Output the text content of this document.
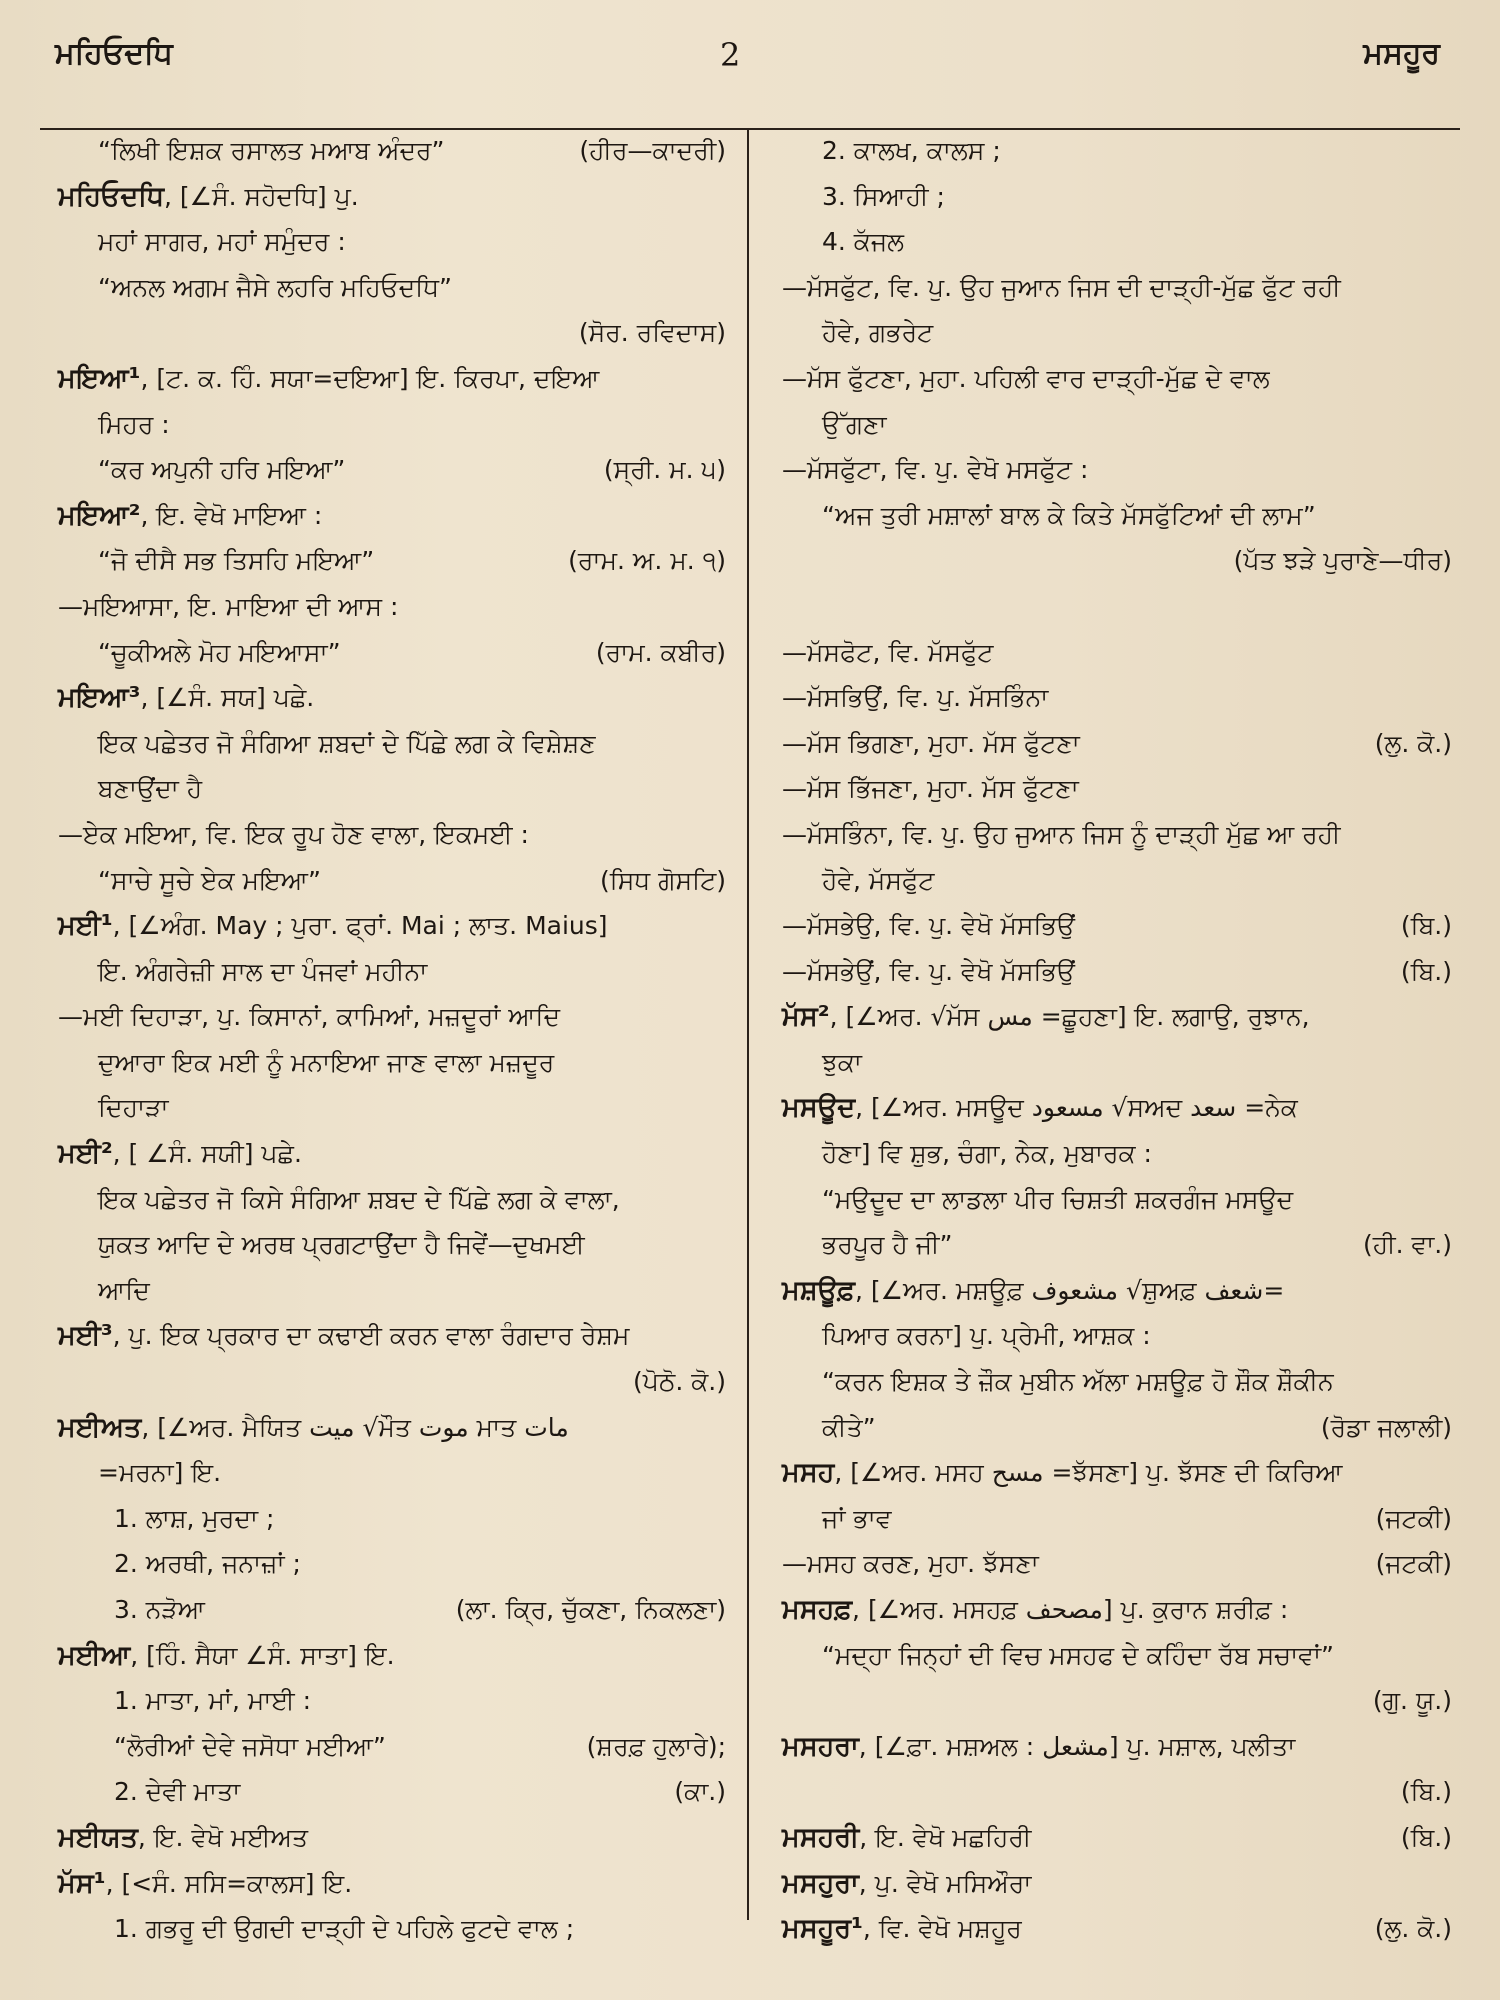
ਮਹਿਓਦਧਿ	2	ਮਸਹੂਰ
“ਲਿਖੀ ਇਸ਼ਕ ਰਸਾਲਤ ਮਆਬ ਅੰਦਰ”	(ਹੀਰ—ਕਾਦਰੀ)
ਮਹਿਓਦਧਿ, [∠ਸੰ. ਸਹੋਦਧਿ] ਪੁ.
ਮਹਾਂ ਸਾਗਰ, ਮਹਾਂ ਸਮੁੰਦਰ :
“ਅਨਲ ਅਗਮ ਜੈਸੇ ਲਹਰਿ ਮਹਿਓਦਧਿ”
(ਸੋਰ. ਰਵਿਦਾਸ)
ਮਇਆ¹, [ਟ. ਕ. ਹਿੰ. ਸਯਾ=ਦਇਆ] ਇ. ਕਿਰਪਾ, ਦਇਆ
ਮਿਹਰ :
“ਕਰ ਅਪੁਨੀ ਹਰਿ ਮਇਆ”	(ਸ੍ਰੀ. ਮ. ੫)
ਮਇਆ², ਇ. ਵੇਖੋ ਮਾਇਆ :
“ਜੋ ਦੀਸੈ ਸਭ ਤਿਸਹਿ ਮਇਆ”	(ਰਾਮ. ਅ. ਮ. ੧)
—ਮਇਆਸਾ, ਇ. ਮਾਇਆ ਦੀ ਆਸ :
“ਚੂਕੀਅਲੇ ਮੋਹ ਮਇਆਸਾ”	(ਰਾਮ. ਕਬੀਰ)
ਮਇਆ³, [∠ਸੰ. ਸਯ] ਪਛੇ.
ਇਕ ਪਛੇਤਰ ਜੋ ਸੰਗਿਆ ਸ਼ਬਦਾਂ ਦੇ ਪਿੱਛੇ ਲਗ ਕੇ ਵਿਸ਼ੇਸ਼ਣ
ਬਣਾਉਂਦਾ ਹੈ
—ਏਕ ਮਇਆ, ਵਿ. ਇਕ ਰੂਪ ਹੋਣ ਵਾਲਾ, ਇਕਮਈ :
“ਸਾਚੇ ਸੂਚੇ ਏਕ ਮਇਆ”	(ਸਿਧ ਗੋਸਟਿ)
ਮਈ¹, [∠ਅੰਗ. May ; ਪੁਰਾ. ਫ੍ਰਾਂ. Mai ; ਲਾਤ. Maius]
ਇ. ਅੰਗਰੇਜ਼ੀ ਸਾਲ ਦਾ ਪੰਜਵਾਂ ਮਹੀਨਾ
—ਮਈ ਦਿਹਾੜਾ, ਪੁ. ਕਿਸਾਨਾਂ, ਕਾਮਿਆਂ, ਮਜ਼ਦੂਰਾਂ ਆਦਿ
ਦੁਆਰਾ ਇਕ ਮਈ ਨੂੰ ਮਨਾਇਆ ਜਾਣ ਵਾਲਾ ਮਜ਼ਦੂਰ
ਦਿਹਾੜਾ
ਮਈ², [ ∠ਸੰ. ਸਯੀ] ਪਛੇ.
ਇਕ ਪਛੇਤਰ ਜੋ ਕਿਸੇ ਸੰਗਿਆ ਸ਼ਬਦ ਦੇ ਪਿੱਛੇ ਲਗ ਕੇ ਵਾਲਾ,
ਯੁਕਤ ਆਦਿ ਦੇ ਅਰਥ ਪ੍ਰਗਟਾਉਂਦਾ ਹੈ ਜਿਵੇਂ—ਦੁਖਮਈ
ਆਦਿ
ਮਈ³, ਪੁ. ਇਕ ਪ੍ਰਕਾਰ ਦਾ ਕਢਾਈ ਕਰਨ ਵਾਲਾ ਰੰਗਦਾਰ ਰੇਸ਼ਮ
(ਪੋਠੋ. ਕੋ.)
ਮਈਅਤ, [∠ਅਰ. ਮੈਯਿਤ ميت √ਮੌਤ موت ਮਾਤ مات
=ਮਰਨਾ] ਇ.
1. ਲਾਸ਼, ਮੁਰਦਾ ;
2. ਅਰਥੀ, ਜਨਾਜ਼ਾਂ ;
3. ਨੜੋਆ	(ਲਾ. ਕ੍ਰਿ, ਚੁੱਕਣਾ, ਨਿਕਲਣਾ)
ਮਈਆ, [ਹਿੰ. ਸੈਯਾ ∠ਸੰ. ਸਾਤਾ] ਇ.
1. ਮਾਤਾ, ਮਾਂ, ਮਾਈ :
“ਲੋਰੀਆਂ ਦੇਵੇ ਜਸੋਧਾ ਮਈਆ”	(ਸ਼ਰਫ਼ ਹੁਲਾਰੇ);
2. ਦੇਵੀ ਮਾਤਾ	(ਕਾ.)
ਮਈਯਤ, ਇ. ਵੇਖੋ ਮਈਅਤ
ਮੱਸ¹, [<ਸੰ. ਸਸਿ=ਕਾਲਸ] ਇ.
1. ਗਭਰੂ ਦੀ ਉਗਦੀ ਦਾੜ੍ਹੀ ਦੇ ਪਹਿਲੇ ਫੁਟਦੇ ਵਾਲ ;
2. ਕਾਲਖ, ਕਾਲਸ ;
3. ਸਿਆਹੀ ;
4. ਕੱਜਲ
—ਮੱਸਫੁੱਟ, ਵਿ. ਪੁ. ਉਹ ਜੁਆਨ ਜਿਸ ਦੀ ਦਾੜ੍ਹੀ-ਮੁੱਛ ਫੁੱਟ ਰਹੀ
ਹੋਵੇ, ਗਭਰੇਟ
—ਮੱਸ ਫੁੱਟਣਾ, ਮੁਹਾ. ਪਹਿਲੀ ਵਾਰ ਦਾੜ੍ਹੀ-ਮੁੱਛ ਦੇ ਵਾਲ
ਉੱਗਣਾ
—ਮੱਸਫੁੱਟਾ, ਵਿ. ਪੁ. ਵੇਖੋ ਮਸਫੁੱਟ :
“ਅਜ ਤੁਰੀ ਮਸ਼ਾਲਾਂ ਬਾਲ ਕੇ ਕਿਤੇ ਮੱਸਫੁੱਟਿਆਂ ਦੀ ਲਾਮ”
(ਪੱਤ ਝੜੇ ਪੁਰਾਣੇ—ਧੀਰ)
—ਮੱਸਫੋਟ, ਵਿ. ਮੱਸਫੁੱਟ
—ਮੱਸਭਿਉਂ, ਵਿ. ਪੁ. ਮੱਸਭਿੰਨਾ
—ਮੱਸ ਭਿਗਣਾ, ਮੁਹਾ. ਮੱਸ ਫੁੱਟਣਾ	(ਲੁ. ਕੋ.)
—ਮੱਸ ਭਿੱਜਣਾ, ਮੁਹਾ. ਮੱਸ ਫੁੱਟਣਾ
—ਮੱਸਭਿੰਨਾ, ਵਿ. ਪੁ. ਉਹ ਜੁਆਨ ਜਿਸ ਨੂੰ ਦਾੜ੍ਹੀ ਮੁੱਛ ਆ ਰਹੀ
ਹੋਵੇ, ਮੱਸਫੁੱਟ
—ਮੱਸਭੇਉ, ਵਿ. ਪੁ. ਵੇਖੋ ਮੱਸਭਿਉਂ	(ਬਿ.)
—ਮੱਸਭੇਉਂ, ਵਿ. ਪੁ. ਵੇਖੋ ਮੱਸਭਿਉਂ	(ਬਿ.)
ਮੱਸ², [∠ਅਰ. √ਮੱਸ مس =ਛੂਹਣਾ] ਇ. ਲਗਾਉ, ਰੁਝਾਨ,
ਝੁਕਾ
ਮਸਊਦ, [∠ਅਰ. ਮਸਊਦ مسعود √ਸਅਦ سعد =ਨੇਕ
ਹੋਣਾ] ਵਿ ਸ਼ੁਭ, ਚੰਗਾ, ਨੇਕ, ਮੁਬਾਰਕ :
“ਮਉਦੂਦ ਦਾ ਲਾਡਲਾ ਪੀਰ ਚਿਸ਼ਤੀ ਸ਼ਕਰਗੰਜ ਮਸਊਦ
ਭਰਪੂਰ ਹੈ ਜੀ”	(ਹੀ. ਵਾ.)
ਮਸ਼ਊਫ਼, [∠ਅਰ. ਮਸ਼ਊਫ਼ مشعوف √ਸ਼ੁਅਫ਼ شعف=
ਪਿਆਰ ਕਰਨਾ] ਪੁ. ਪ੍ਰੇਮੀ, ਆਸ਼ਕ :
“ਕਰਨ ਇਸ਼ਕ ਤੇ ਜ਼ੌਕ ਮੁਬੀਨ ਅੱਲਾ ਮਸ਼ਊਫ਼ ਹੋ ਸ਼ੌਕ ਸ਼ੌਕੀਨ
ਕੀਤੇ”	(ਰੋਡਾ ਜਲਾਲੀ)
ਮਸਹ, [∠ਅਰ. ਮਸਹ مسح =ਝੱਸਣਾ] ਪੁ. ਝੱਸਣ ਦੀ ਕਿਰਿਆ
ਜਾਂ ਭਾਵ	(ਜਟਕੀ)
—ਮਸਹ ਕਰਣ, ਮੁਹਾ. ਝੱਸਣਾ	(ਜਟਕੀ)
ਮਸਹਫ਼, [∠ਅਰ. ਮਸਹਫ਼ مصحف] ਪੁ. ਕੁਰਾਨ ਸ਼ਰੀਫ਼ :
“ਮਦ੍ਹਾ ਜਿਨ੍ਹਾਂ ਦੀ ਵਿਚ ਮਸਹਫ ਦੇ ਕਹਿੰਦਾ ਰੱਬ ਸਚਾਵਾਂ”
(ਗੁ. ਯੂ.)
ਮਸਹਰਾ, [∠ਫ਼ਾ. ਮਸ਼ਅਲ : مشعل] ਪੁ. ਮਸ਼ਾਲ, ਪਲੀਤਾ
(ਬਿ.)
ਮਸਹਰੀ, ਇ. ਵੇਖੋ ਮਛਹਿਰੀ	(ਬਿ.)
ਮਸਹੁਰਾ, ਪੁ. ਵੇਖੋ ਮਸਿਔਰਾ
ਮਸਹੂਰ¹, ਵਿ. ਵੇਖੋ ਮਸ਼ਹੂਰ	(ਲੁ. ਕੋ.)
